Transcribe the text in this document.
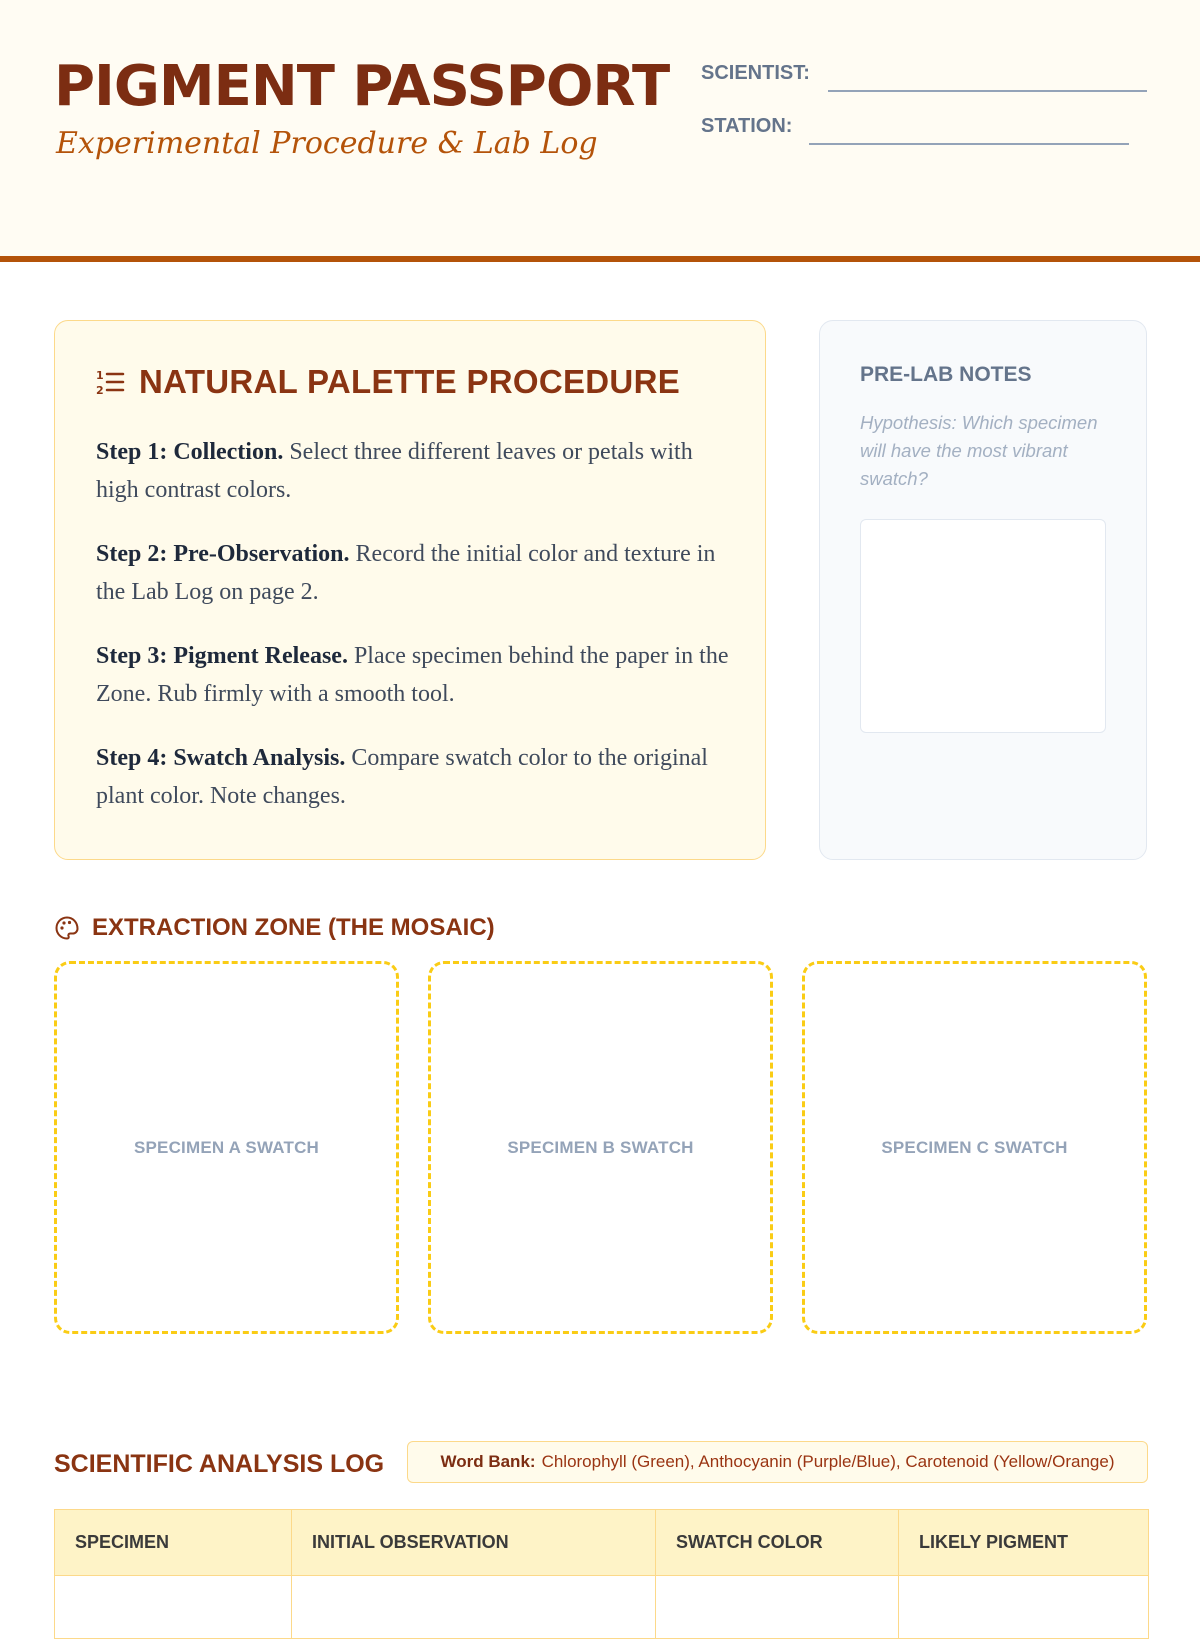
PIGMENT PASSPORT
Experimental Procedure & Lab Log
SCIENTIST:
STATION:
1
2 NATURAL PALETTE PROCEDURE

Step 1: Collection. Select three different leaves or petals with high contrast colors.

Step 2: Pre-Observation. Record the initial color and texture in the Lab Log on page 2.

Step 3: Pigment Release. Place specimen behind the paper in the Zone. Rub firmly with a smooth tool.

Step 4: Swatch Analysis. Compare swatch color to the original plant color. Note changes.

PRE-LAB NOTES
Hypothesis: Which specimen will have the most vibrant swatch?
EXTRACTION ZONE (THE MOSAIC)
SPECIMEN A SWATCH	SPECIMEN B SWATCH	SPECIMEN C SWATCH
SCIENTIFIC ANALYSIS LOG	Word Bank: Chlorophyll (Green), Anthocyanin (Purple/Blue), Carotenoid (Yellow/Orange)
SPECIMEN	INITIAL OBSERVATION	SWATCH COLOR	LIKELY PIGMENT
